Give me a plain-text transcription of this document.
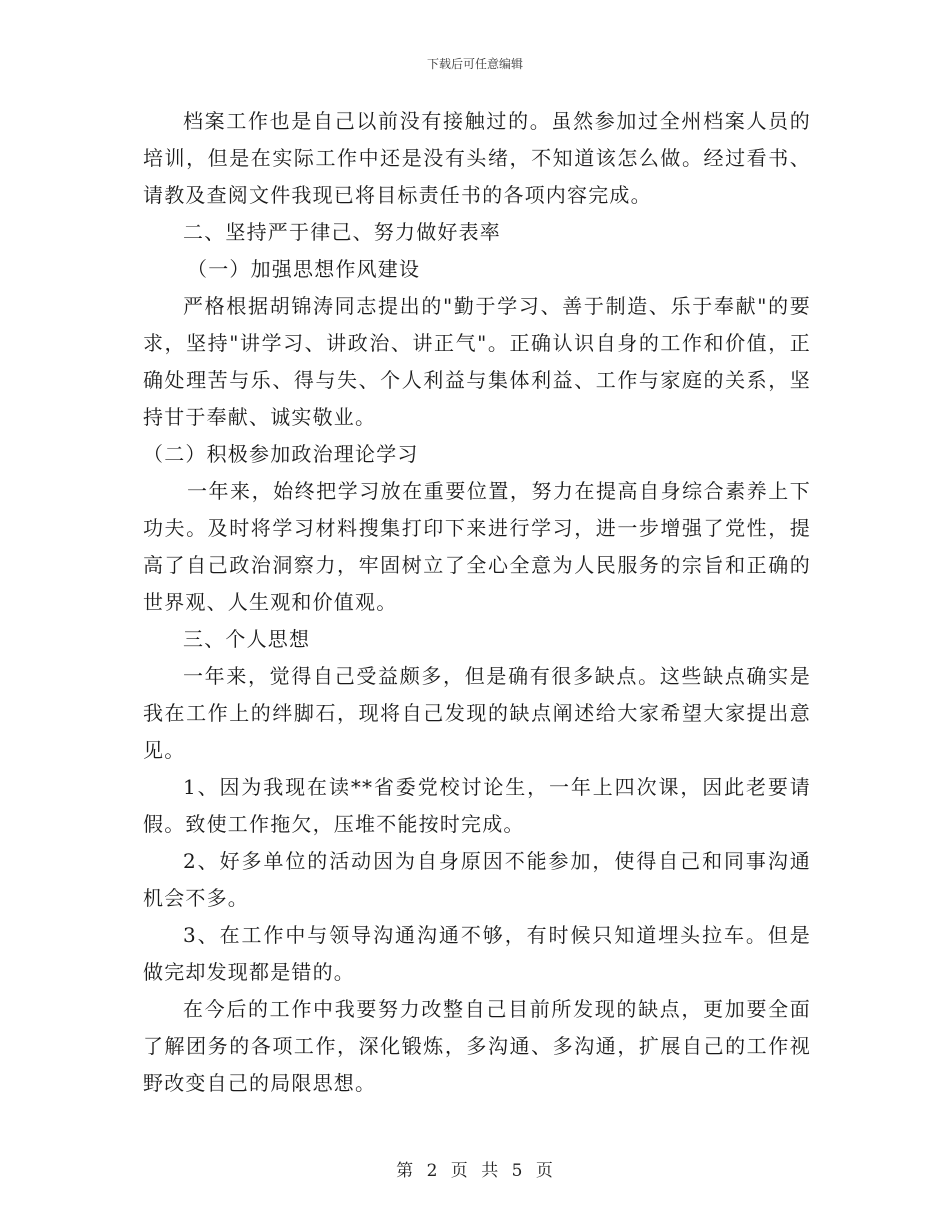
下载后可任意编辑

档案工作也是自己以前没有接触过的。虽然参加过全州档案人员的培训，但是在实际工作中还是没有头绪，不知道该怎么做。经过看书、请教及查阅文件我现已将目标责任书的各项内容完成。

二、坚持严于律己、努力做好表率

（一）加强思想作风建设

严格根据胡锦涛同志提出的"勤于学习、善于制造、乐于奉献"的要求，坚持"讲学习、讲政治、讲正气"。正确认识自身的工作和价值，正确处理苦与乐、得与失、个人利益与集体利益、工作与家庭的关系，坚持甘于奉献、诚实敬业。

（二）积极参加政治理论学习

一年来，始终把学习放在重要位置，努力在提高自身综合素养上下功夫。及时将学习材料搜集打印下来进行学习，进一步增强了党性，提高了自己政治洞察力，牢固树立了全心全意为人民服务的宗旨和正确的世界观、人生观和价值观。

三、个人思想

一年来，觉得自己受益颇多，但是确有很多缺点。这些缺点确实是我在工作上的绊脚石，现将自己发现的缺点阐述给大家希望大家提出意见。

1、因为我现在读**省委党校讨论生，一年上四次课，因此老要请假。致使工作拖欠，压堆不能按时完成。

2、好多单位的活动因为自身原因不能参加，使得自己和同事沟通机会不多。

3、在工作中与领导沟通沟通不够，有时候只知道埋头拉车。但是做完却发现都是错的。

在今后的工作中我要努力改整自己目前所发现的缺点，更加要全面了解团务的各项工作，深化锻炼，多沟通、多沟通，扩展自己的工作视野改变自己的局限思想。

第 2 页 共 5 页
